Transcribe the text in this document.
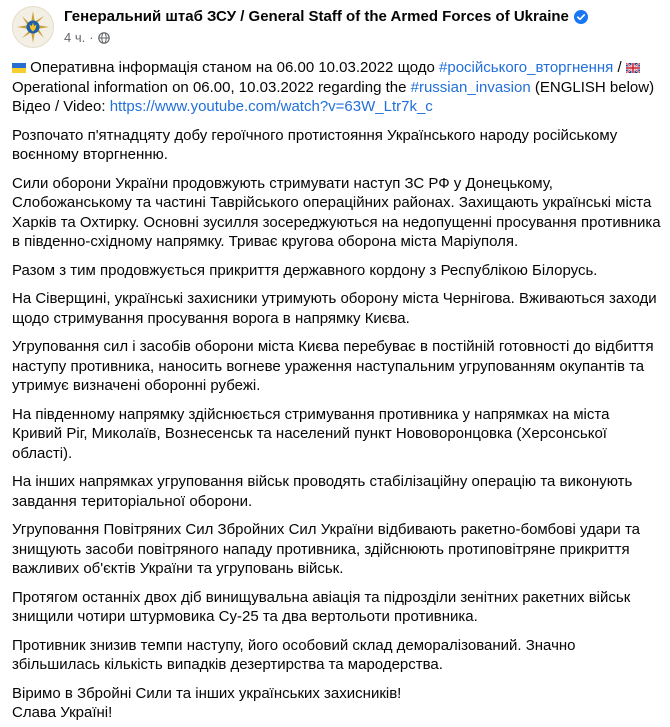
Генеральний штаб ЗСУ / General Staff of the Armed Forces of Ukraine
4 ч. ·
Оперативна інформація станом на 06.00 10.03.2022 щодо #російського_вторгнення /
Operational information on 06.00, 10.03.2022 regarding the #russian_invasion (ENGLISH below)
Відео / Video: https://www.youtube.com/watch?v=63W_Ltr7k_c

Розпочато п'ятнадцяту добу героїчного протистояння Українського народу російському воєнному вторгненню.

Сили оборони України продовжують стримувати наступ ЗС РФ у Донецькому, Слобожанському та частині Таврійського операційних районах. Захищають українські міста Харків та Охтирку. Основні зусилля зосереджуються на недопущенні просування противника в південно-східному напрямку. Триває кругова оборона міста Маріуполя.

Разом з тим продовжується прикриття державного кордону з Республікою Білорусь.

На Сіверщині, українські захисники утримують оборону міста Чернігова. Вживаються заходи щодо стримування просування ворога в напрямку Києва.

Угруповання сил і засобів оборони міста Києва перебуває в постійній готовності до відбиття наступу противника, наносить вогневе ураження наступальним угрупованням окупантів та утримує визначені оборонні рубежі.

На південному напрямку здійснюється стримування противника у напрямках на міста Кривий Ріг, Миколаїв, Вознесенськ та населений пункт Нововоронцовка (Херсонської області).

На інших напрямках угруповання військ проводять стабілізаційну операцію та виконують завдання територіальної оборони.

Угруповання Повітряних Сил Збройних Сил України відбивають ракетно-бомбові удари та знищують засоби повітряного нападу противника, здійснюють протиповітряне прикриття важливих об'єктів України та угруповань військ.

Протягом останніх двох діб винищувальна авіація та підрозділи зенітних ракетних військ знищили чотири штурмовика Су-25 та два вертольоти противника.

Противник знизив темпи наступу, його особовий склад деморалізований. Значно збільшилась кількість випадків дезертирства та мародерства.

Віримо в Збройні Сили та інших українських захисників!

Слава Україні!
